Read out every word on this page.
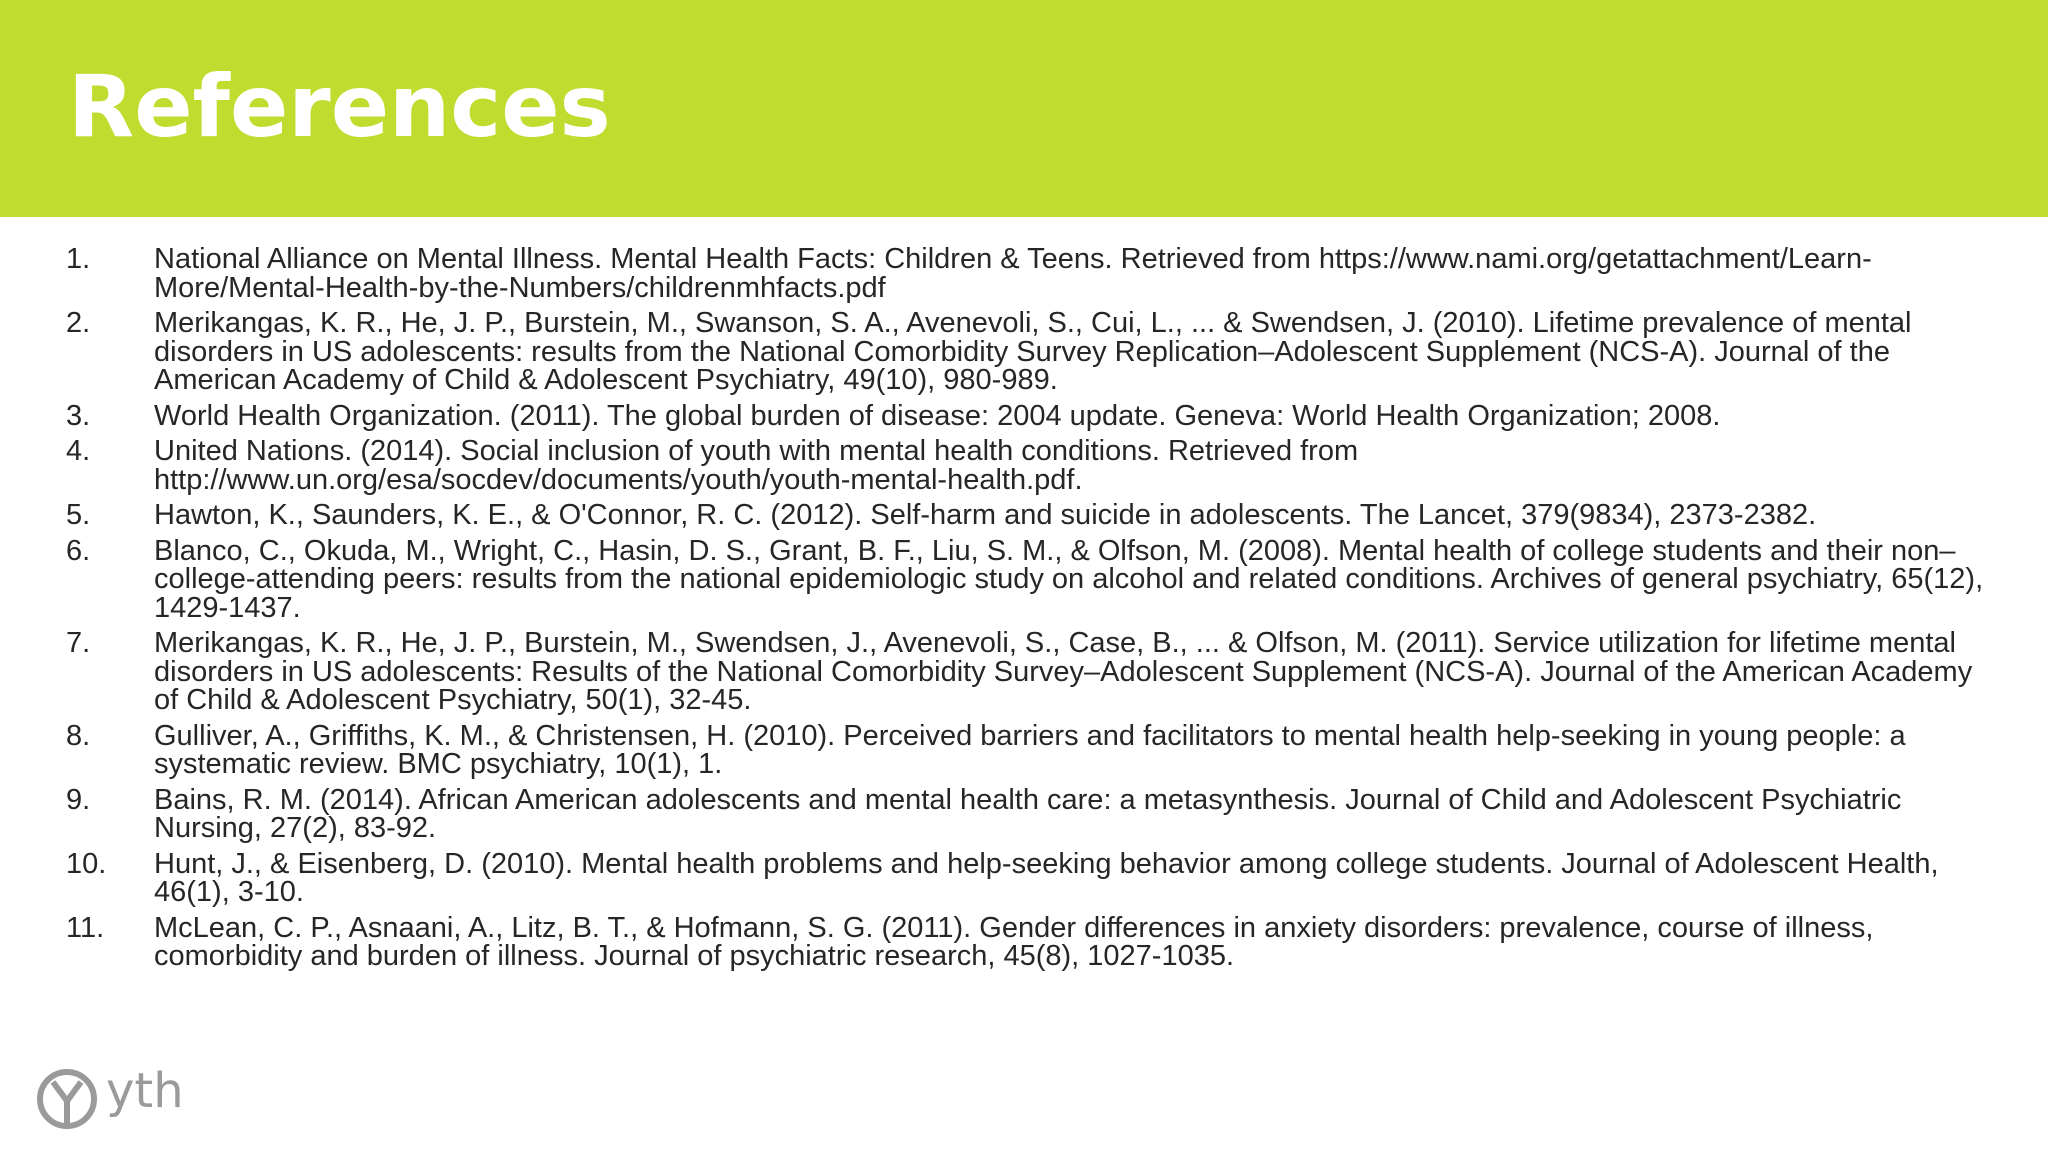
References
1.	National Alliance on Mental Illness. Mental Health Facts: Children & Teens. Retrieved from https://www.nami.org/getattachment/Learn-More/Mental-Health-by-the-Numbers/childrenmhfacts.pdf
2.	Merikangas, K. R., He, J. P., Burstein, M., Swanson, S. A., Avenevoli, S., Cui, L., ... & Swendsen, J. (2010). Lifetime prevalence of mental disorders in US adolescents: results from the National Comorbidity Survey Replication–Adolescent Supplement (NCS-A). Journal of the American Academy of Child & Adolescent Psychiatry, 49(10), 980-989.
3.	World Health Organization. (2011). The global burden of disease: 2004 update. Geneva: World Health Organization; 2008.
4.	United Nations. (2014). Social inclusion of youth with mental health conditions. Retrieved from http://www.un.org/esa/socdev/documents/youth/youth-mental-health.pdf.
5.	Hawton, K., Saunders, K. E., & O'Connor, R. C. (2012). Self-harm and suicide in adolescents. The Lancet, 379(9834), 2373-2382.
6.	Blanco, C., Okuda, M., Wright, C., Hasin, D. S., Grant, B. F., Liu, S. M., & Olfson, M. (2008). Mental health of college students and their non–college-attending peers: results from the national epidemiologic study on alcohol and related conditions. Archives of general psychiatry, 65(12), 1429-1437.
7.	Merikangas, K. R., He, J. P., Burstein, M., Swendsen, J., Avenevoli, S., Case, B., ... & Olfson, M. (2011). Service utilization for lifetime mental disorders in US adolescents: Results of the National Comorbidity Survey–Adolescent Supplement (NCS-A). Journal of the American Academy of Child & Adolescent Psychiatry, 50(1), 32-45.
8.	Gulliver, A., Griffiths, K. M., & Christensen, H. (2010). Perceived barriers and facilitators to mental health help-seeking in young people: a systematic review. BMC psychiatry, 10(1), 1.
9.	Bains, R. M. (2014). African American adolescents and mental health care: a metasynthesis. Journal of Child and Adolescent Psychiatric Nursing, 27(2), 83-92.
10.	Hunt, J., & Eisenberg, D. (2010). Mental health problems and help-seeking behavior among college students. Journal of Adolescent Health, 46(1), 3-10.
11.	McLean, C. P., Asnaani, A., Litz, B. T., & Hofmann, S. G. (2011). Gender differences in anxiety disorders: prevalence, course of illness, comorbidity and burden of illness. Journal of psychiatric research, 45(8), 1027-1035.
yth
